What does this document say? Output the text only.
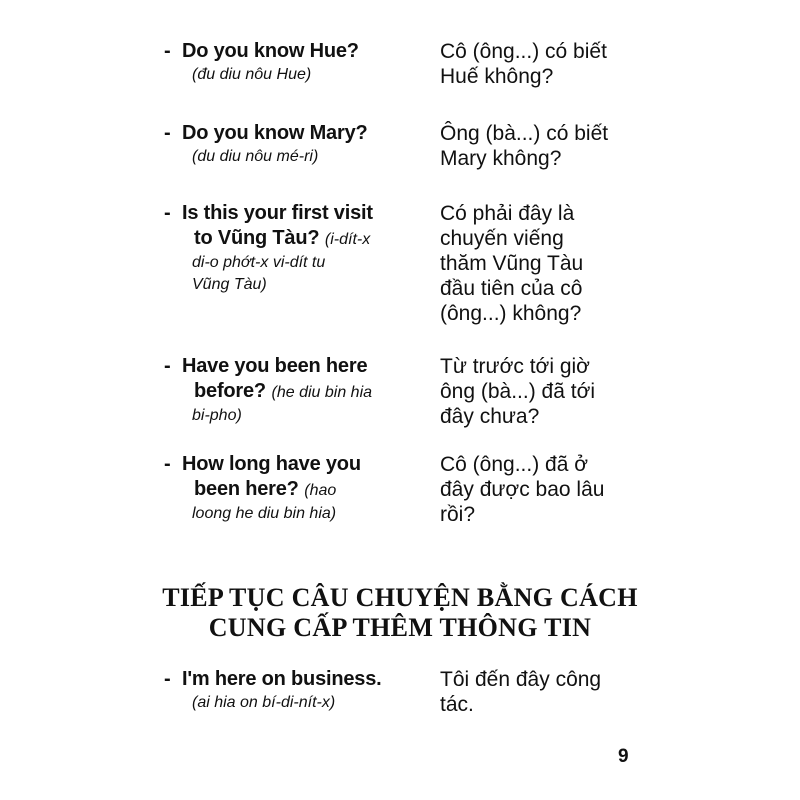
- Do you know Hue?
(đu diu nôu Hue)
Cô (ông...) có biết
Huế không?
- Do you know Mary?
(du diu nôu mé-ri)
Ông (bà...) có biết
Mary không?
- Is this your first visit
to Vũng Tàu? (i-dít-x
di-o phớt-x vi-dít tu
Vũng Tàu)
Có phải đây là
chuyến viếng
thăm Vũng Tàu
đầu tiên của cô
(ông...) không?
- Have you been here
before? (he diu bin hia
bi-pho)
Từ trước tới giờ
ông (bà...) đã tới
đây chưa?
- How long have you
been here? (hao
loong he diu bin hia)
Cô (ông...) đã ở
đây được bao lâu
rồi?
TIẾP TỤC CÂU CHUYỆN BẰNG CÁCH
CUNG CẤP THÊM THÔNG TIN
- I'm here on business.
(ai hia on bí-di-nít-x)
Tôi đến đây công
tác.
9
